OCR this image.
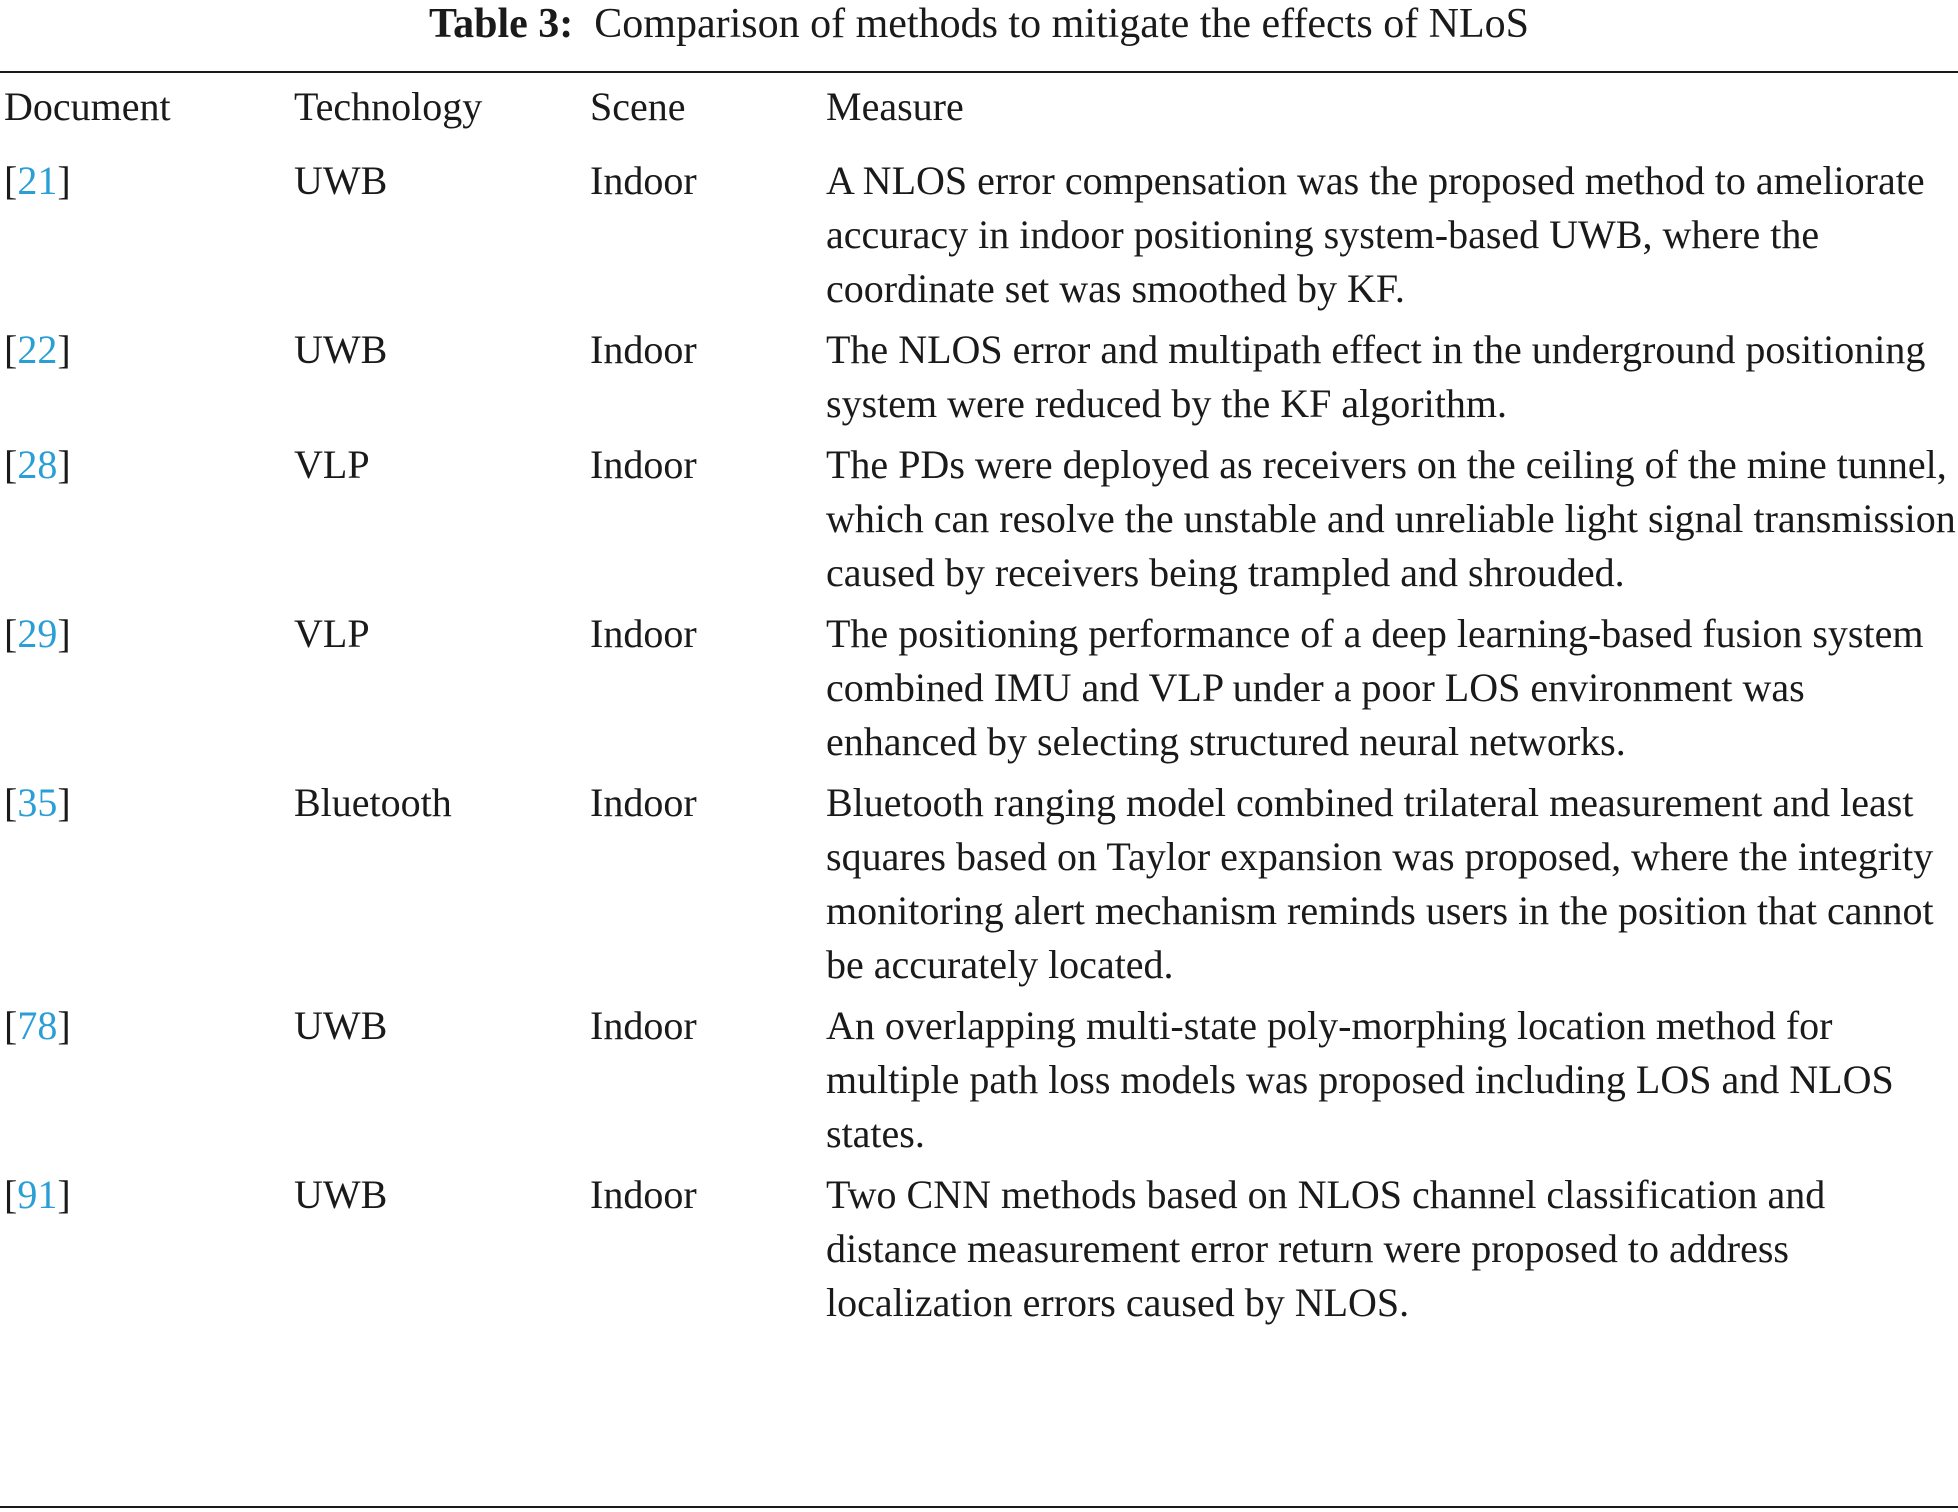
Table 3: Comparison of methods to mitigate the effects of NLoS
Document	Technology	Scene	Measure
[21]	UWB	Indoor	A NLOS error compensation was the proposed method to ameliorate accuracy in indoor positioning system-based UWB, where the coordinate set was smoothed by KF.
[22]	UWB	Indoor	The NLOS error and multipath effect in the underground positioning system were reduced by the KF algorithm.
[28]	VLP	Indoor	The PDs were deployed as receivers on the ceiling of the mine tunnel, which can resolve the unstable and unreliable light signal transmission caused by receivers being trampled and shrouded.
[29]	VLP	Indoor	The positioning performance of a deep learning-based fusion system combined IMU and VLP under a poor LOS environment was enhanced by selecting structured neural networks.
[35]	Bluetooth	Indoor	Bluetooth ranging model combined trilateral measurement and least squares based on Taylor expansion was proposed, where the integrity monitoring alert mechanism reminds users in the position that cannot be accurately located.
[78]	UWB	Indoor	An overlapping multi-state poly-morphing location method for multiple path loss models was proposed including LOS and NLOS states.
[91]	UWB	Indoor	Two CNN methods based on NLOS channel classification and distance measurement error return were proposed to address localization errors caused by NLOS.
